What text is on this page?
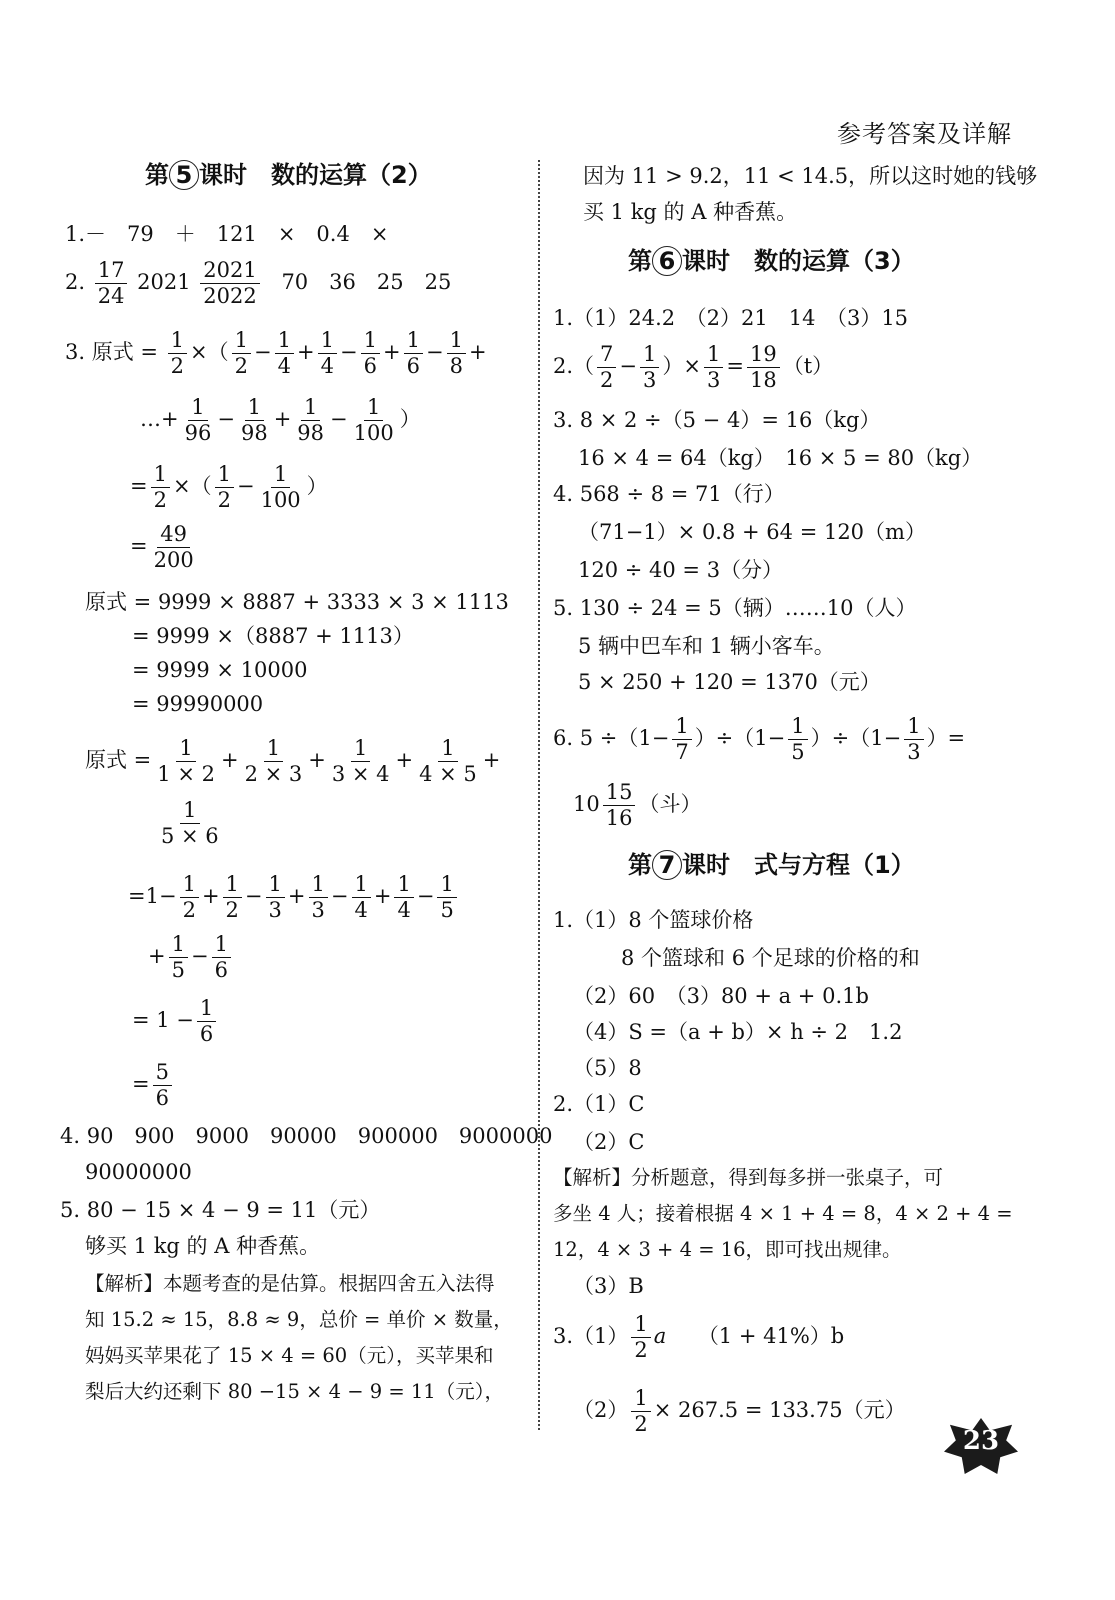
参考答案及详解
第 5 课时　数的运算（2）
1.－　79　＋　121　×　0.4　×
2. $\frac{17}{24} 2021 \frac{2021}{2022} 70$　36　25　25
3. 原式 = $\frac{1}{2}$ ×（ $\frac{1}{2} - \frac{1}{4} + \frac{1}{4} - \frac{1}{6} + \frac{1}{6} - \frac{1}{8}$ +
…+ $\frac{1}{96} - \frac{1}{98} + \frac{1}{98} - \frac{1}{100}$ ）
= $\frac{1}{2}$ ×（ $\frac{1}{2} - \frac{1}{100}$ ）
= $\frac{49}{200}$
原式 = 9999 × 8887 + 3333 × 3 × 1113
= 9999 ×（8887 + 1113）
= 9999 × 10000
= 99990000
原式 = $\frac{1}{1 \times 2} + \frac{1}{2 \times 3} + \frac{1}{3 \times 4} + \frac{1}{4 \times 5}$ +
$\frac{1}{5 \times 6}$
$=1- \frac{1}{2} + \frac{1}{2} - \frac{1}{3} + \frac{1}{3} - \frac{1}{4} + \frac{1}{4} - \frac{1}{5}$
+ $\frac{1}{5} - \frac{1}{6}$
= $1 - \frac{1}{6}$
= $\frac{5}{6}$
4. 90　900　9000　90000　900000　9000000
90000000
5. 80 − 15 × 4 − 9 = 11（元）
够买 1 kg 的 A 种香蕉。
【解析】本题考查的是估算。根据四舍五入法得
知 15.2 ≈ 15，8.8 ≈ 9，总价 = 单价 × 数量，
妈妈买苹果花了 15 × 4 = 60（元），买苹果和
梨后大约还剩下 80 −15 × 4 − 9 = 11（元），
因为 11 > 9.2，11 < 14.5，所以这时她的钱够
买 1 kg 的 A 种香蕉。
第 6 课时　数的运算（3）
1.（1）24.2　（2）21　14　（3）15
$2.( \frac{7}{2} - \frac{1}{3}$ ）× $\frac{1}{3} = \frac{19}{18} (t)$
3. 8 × 2 ÷（5 − 4）= 16（kg）
16 × 4 = 64（kg）　16 × 5 = 80（kg）
4. 568 ÷ 8 = 71（行）
（71−1）× 0.8 + 64 = 120（m）
120 ÷ 40 = 3（分）
5. 130 ÷ 24 = 5（辆）……10（人）
5 辆中巴车和 1 辆小客车。
5 × 250 + 120 = 1370（元）
6. $5 \div(1- \frac{1}{7} )\div(1- \frac{1}{5} )\div(1- \frac{1}{3}$ ）=
$10 \frac{15}{16}$ （斗）
第 7 课时　式与方程（1）
1.（1）8 个篮球价格
8 个篮球和 6 个足球的价格的和
（2）60　（3）80 + a + 0.1b
（4）S =（a + b）× h ÷ 2　1.2
（5）8
2.（1）C
（2）C
【解析】分析题意，得到每多拼一张桌子，可
多坐 4 人；接着根据 4 × 1 + 4 = 8，4 × 2 + 4 =
12，4 × 3 + 4 = 16，即可找出规律。
（3）B
$3.(1) \frac{1}{2}$ a　　 （1 + 41%）b
$(2) \frac{1}{2} \times 267.5 = 133.75$（元）
23
